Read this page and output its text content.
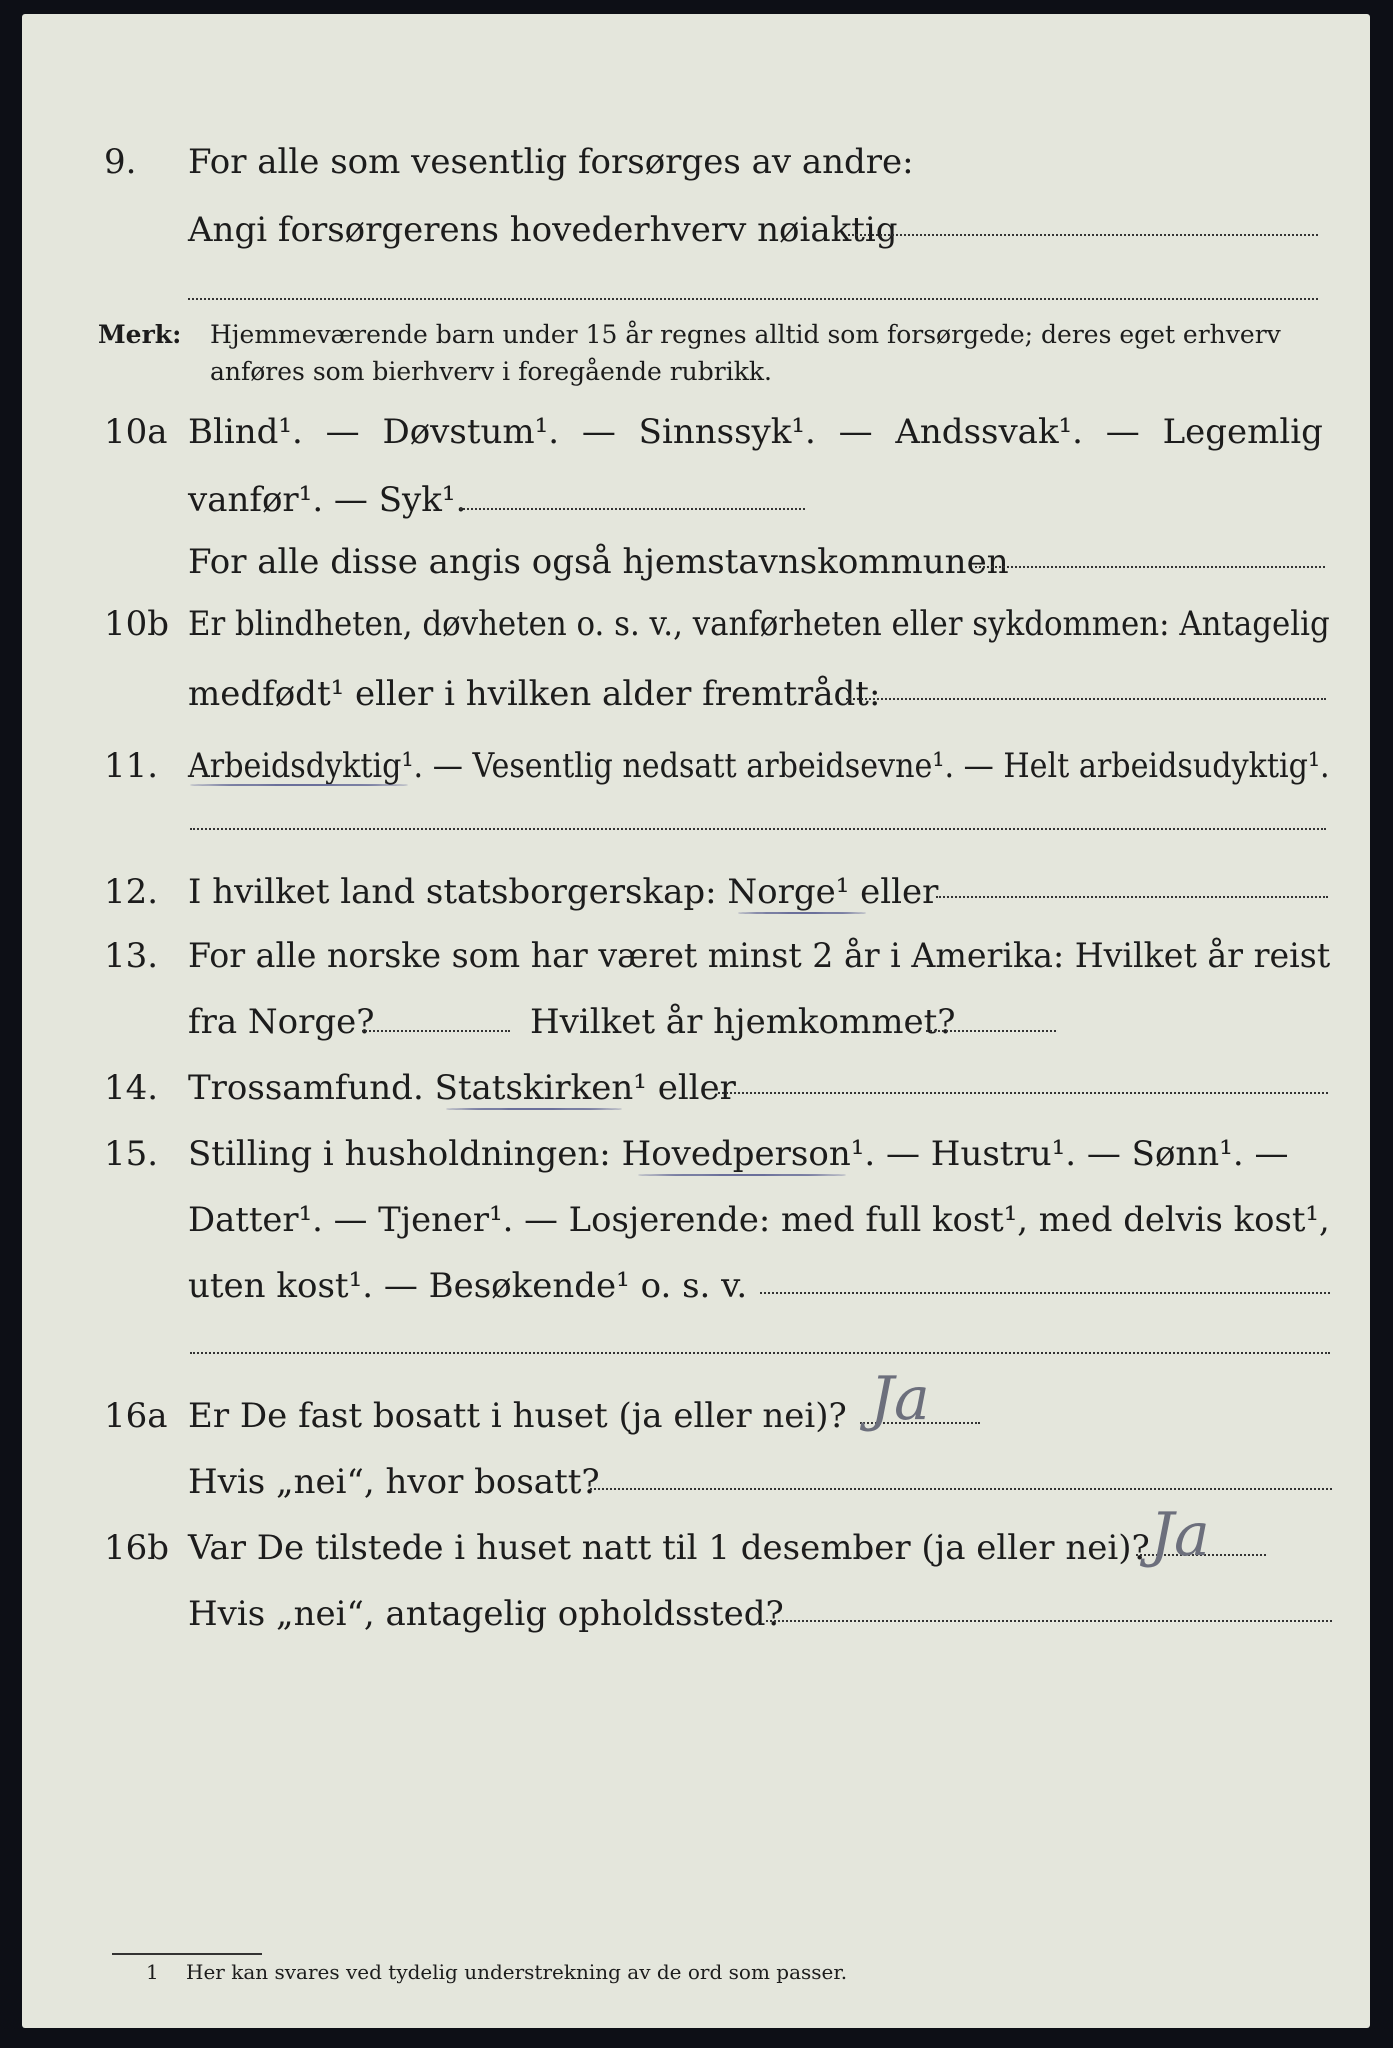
9. For alle som vesentlig forsørges av andre:
Angi forsørgerens hovederhverv nøiaktig
Merk: Hjemmeværende barn under 15 år regnes alltid som forsørgede; deres eget erhverv
anføres som bierhverv i foregående rubrikk.
10a Blind¹. — Døvstum¹. — Sinnssyk¹. — Andssvak¹. — Legemlig
vanfør¹. — Syk¹.
For alle disse angis også hjemstavnskommunen
10b Er blindheten, døvheten o. s. v., vanførheten eller sykdommen: Antagelig
medfødt¹ eller i hvilken alder fremtrådt:
11. Arbeidsdyktig¹. — Vesentlig nedsatt arbeidsevne¹. — Helt arbeidsudyktig¹.
12. I hvilket land statsborgerskap: Norge¹ eller
13. For alle norske som har været minst 2 år i Amerika: Hvilket år reist
fra Norge?	Hvilket år hjemkommet?
14. Trossamfund. Statskirken¹ eller
15. Stilling i husholdningen: Hovedperson¹. — Hustru¹. — Sønn¹. —
Datter¹. — Tjener¹. — Losjerende: med full kost¹, med delvis kost¹,
uten kost¹. — Besøkende¹ o. s. v.
16a Er De fast bosatt i huset (ja eller nei)? Ja
Hvis „nei“, hvor bosatt?
16b Var De tilstede i huset natt til 1 desember (ja eller nei)? Ja
Hvis „nei“, antagelig opholdssted?
1 Her kan svares ved tydelig understrekning av de ord som passer.
